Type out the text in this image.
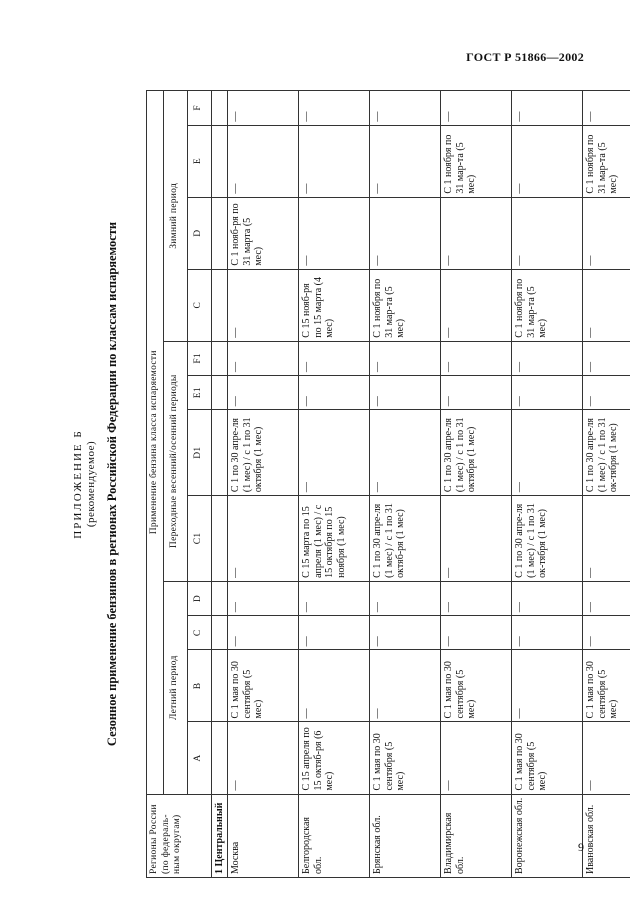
ГОСТ Р 51866—2002
ПРИЛОЖЕНИЕ Б (рекомендуемое) Сезонное применение бензинов в регионах Российской Федерации по классам испаряемости
Регионы России (по федераль-ным округам)	Применение бензина класса испаряемости											
	Летний период				Переходные весенний/осенний периоды				Зимний период			
	A	B	C	D	C1	D1	E1	F1	C	D	E	F
1 Центральный												
Москва	—	С 1 мая по 30 сентября (5 мес)	—	—	—	С 1 по 30 апре-ля (1 мес) / с 1 по 31 октября (1 мес)	—	—	—	С 1 нояб-ря по 31 марта (5 мес)	—	—
Белгородская обл.	С 15 апреля по 15 октяб-ря (6 мес)	—	—	—	С 15 марта по 15 апреля (1 мес) / с 15 октября по 15 ноября (1 мес)	—	—	—	С 15 нояб-ря по 15 марта (4 мес)	—	—	—
Брянская обл.	С 1 мая по 30 сентября (5 мес)	—	—	—	С 1 по 30 апре-ля (1 мес) / с 1 по 31 октяб-ря (1 мес)	—	—	—	С 1 ноября по 31 мар-та (5 мес)	—	—	—
Владимирская обл.	—	С 1 мая по 30 сентября (5 мес)	—	—	—	С 1 по 30 апре-ля (1 мес) / с 1 по 31 октября (1 мес)	—	—	—	—	С 1 ноября по 31 мар-та (5 мес)	—
Воронежская обл.	С 1 мая по 30 сентября (5 мес)	—	—	—	С 1 по 30 апре-ля (1 мес) / с 1 по 31 ок-тября (1 мес)	—	—	—	С 1 ноября по 31 мар-та (5 мес)	—	—	—
Ивановская обл.	—	С 1 мая по 30 сентября (5 мес)	—	—	—	С 1 по 30 апре-ля (1 мес) / с 1 по 31 ок-тября (1 мес)	—	—	—	—	С 1 ноября по 31 мар-та (5 мес)	—
9
